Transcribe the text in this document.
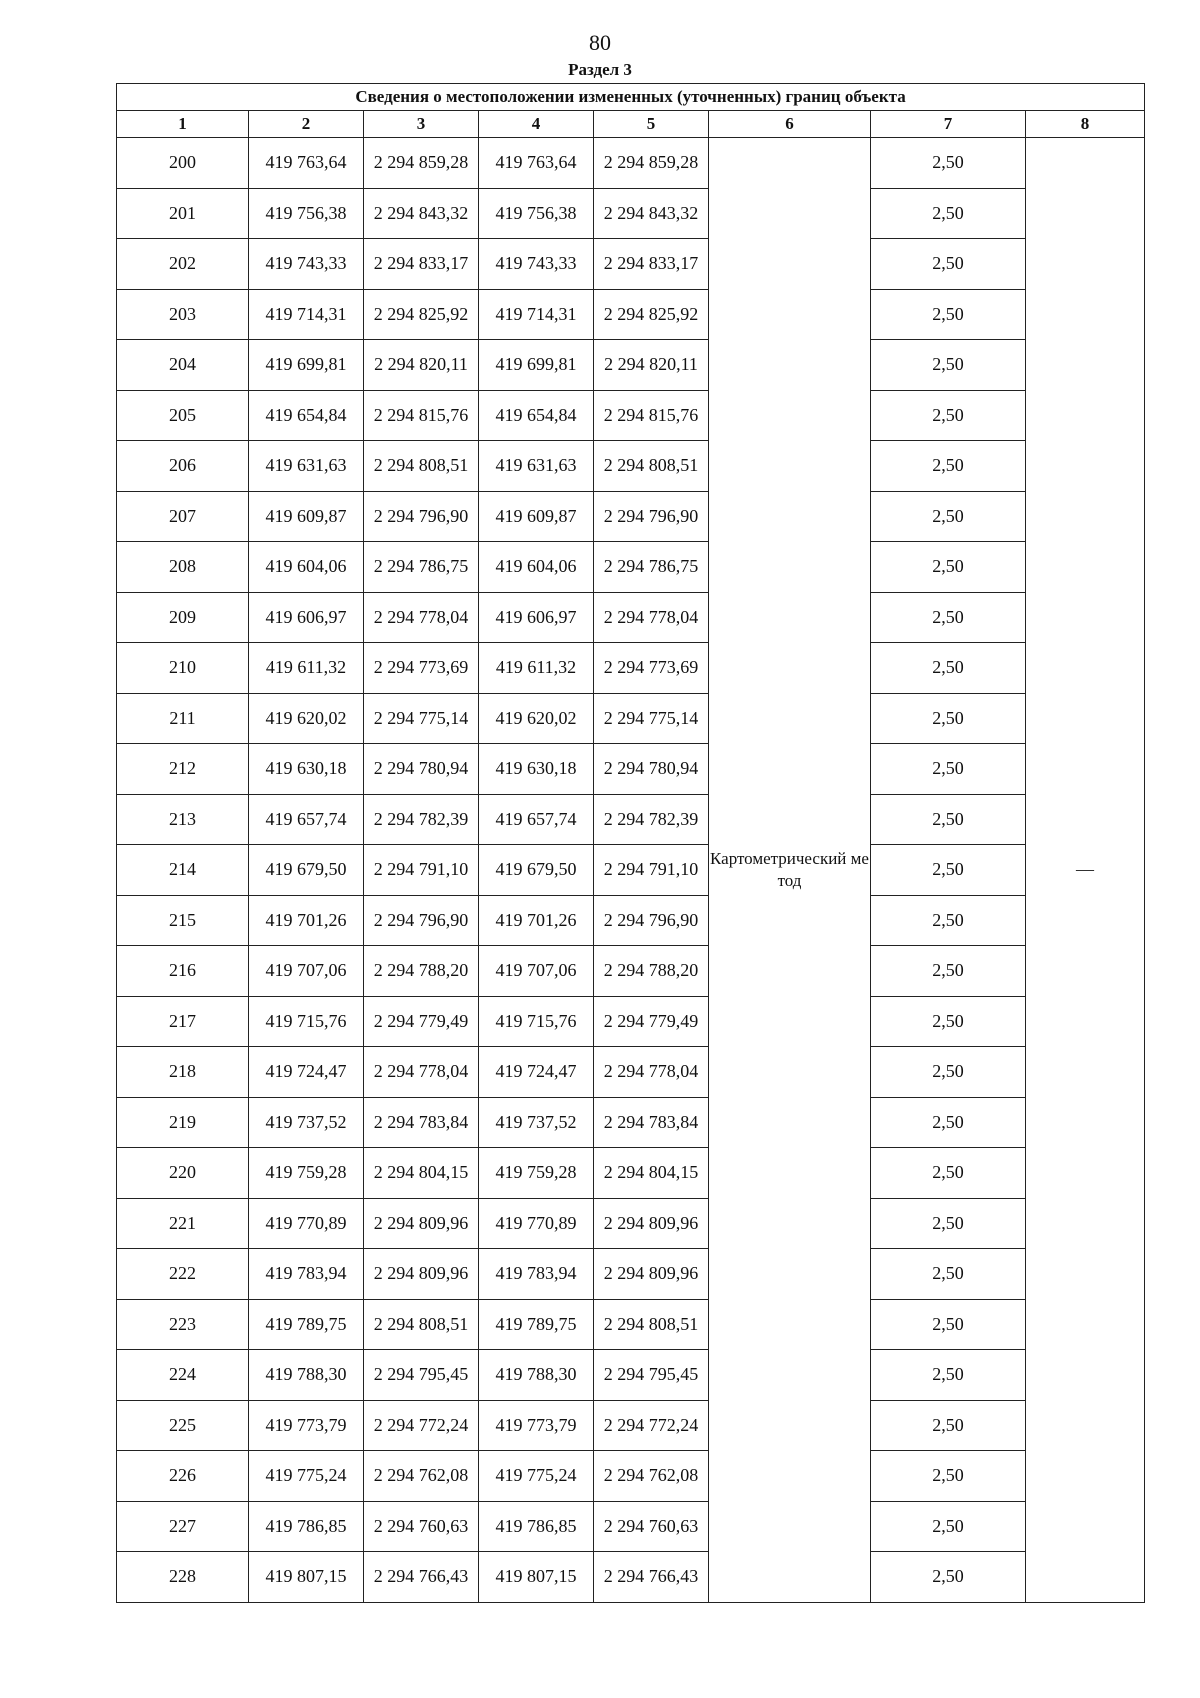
80
Раздел 3
Сведения о местоположении измененных (уточненных) границ объекта							
1	2	3	4	5	6	7	8
200	419 763,64	2 294 859,28	419 763,64	2 294 859,28	Картометрический метод	2,50	—
201	419 756,38	2 294 843,32	419 756,38	2 294 843,32		2,50	
202	419 743,33	2 294 833,17	419 743,33	2 294 833,17		2,50	
203	419 714,31	2 294 825,92	419 714,31	2 294 825,92		2,50	
204	419 699,81	2 294 820,11	419 699,81	2 294 820,11		2,50	
205	419 654,84	2 294 815,76	419 654,84	2 294 815,76		2,50	
206	419 631,63	2 294 808,51	419 631,63	2 294 808,51		2,50	
207	419 609,87	2 294 796,90	419 609,87	2 294 796,90		2,50	
208	419 604,06	2 294 786,75	419 604,06	2 294 786,75		2,50	
209	419 606,97	2 294 778,04	419 606,97	2 294 778,04		2,50	
210	419 611,32	2 294 773,69	419 611,32	2 294 773,69		2,50	
211	419 620,02	2 294 775,14	419 620,02	2 294 775,14		2,50	
212	419 630,18	2 294 780,94	419 630,18	2 294 780,94		2,50	
213	419 657,74	2 294 782,39	419 657,74	2 294 782,39		2,50	
214	419 679,50	2 294 791,10	419 679,50	2 294 791,10		2,50	
215	419 701,26	2 294 796,90	419 701,26	2 294 796,90		2,50	
216	419 707,06	2 294 788,20	419 707,06	2 294 788,20		2,50	
217	419 715,76	2 294 779,49	419 715,76	2 294 779,49		2,50	
218	419 724,47	2 294 778,04	419 724,47	2 294 778,04		2,50	
219	419 737,52	2 294 783,84	419 737,52	2 294 783,84		2,50	
220	419 759,28	2 294 804,15	419 759,28	2 294 804,15		2,50	
221	419 770,89	2 294 809,96	419 770,89	2 294 809,96		2,50	
222	419 783,94	2 294 809,96	419 783,94	2 294 809,96		2,50	
223	419 789,75	2 294 808,51	419 789,75	2 294 808,51		2,50	
224	419 788,30	2 294 795,45	419 788,30	2 294 795,45		2,50	
225	419 773,79	2 294 772,24	419 773,79	2 294 772,24		2,50	
226	419 775,24	2 294 762,08	419 775,24	2 294 762,08		2,50	
227	419 786,85	2 294 760,63	419 786,85	2 294 760,63		2,50	
228	419 807,15	2 294 766,43	419 807,15	2 294 766,43		2,50	
